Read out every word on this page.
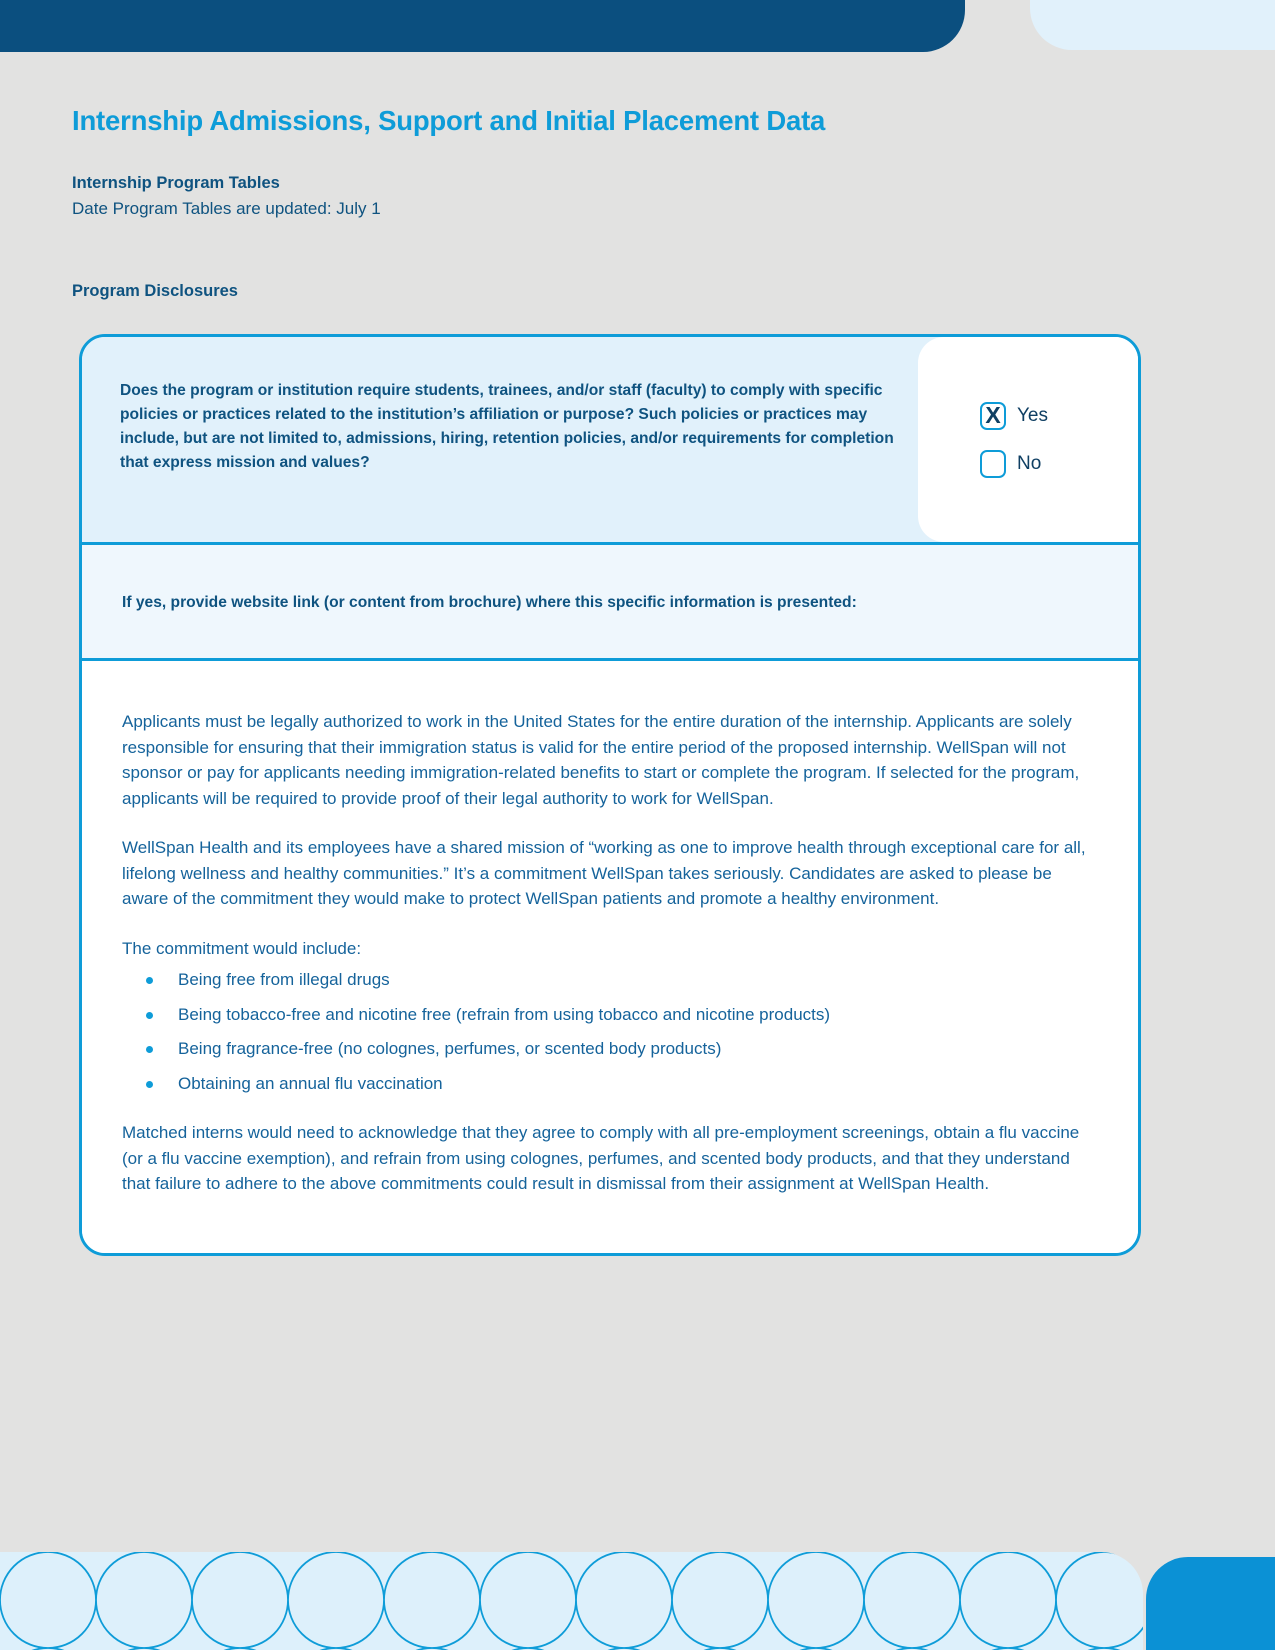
Internship Admissions, Support and Initial Placement Data
Internship Program Tables
Date Program Tables are updated: July 1
Program Disclosures
Does the program or institution require students, trainees, and/or staff (faculty) to comply with specific policies or practices related to the institution’s affiliation or purpose? Such policies or practices may include, but are not limited to, admissions, hiring, retention policies, and/or requirements for completion that express mission and values?
X Yes
No
If yes, provide website link (or content from brochure) where this specific information is presented:

Applicants must be legally authorized to work in the United States for the entire duration of the internship. Applicants are solely responsible for ensuring that their immigration status is valid for the entire period of the proposed internship. WellSpan will not sponsor or pay for applicants needing immigration-related benefits to start or complete the program. If selected for the program, applicants will be required to provide proof of their legal authority to work for WellSpan.

WellSpan Health and its employees have a shared mission of “working as one to improve health through exceptional care for all, lifelong wellness and healthy communities.” It’s a commitment WellSpan takes seriously. Candidates are asked to please be aware of the commitment they would make to protect WellSpan patients and promote a healthy environment.

The commitment would include:

Being free from illegal drugs
Being tobacco-free and nicotine free (refrain from using tobacco and nicotine products)
Being fragrance-free (no colognes, perfumes, or scented body products)
Obtaining an annual flu vaccination

Matched interns would need to acknowledge that they agree to comply with all pre-employment screenings, obtain a flu vaccine (or a flu vaccine exemption), and refrain from using colognes, perfumes, and scented body products, and that they understand that failure to adhere to the above commitments could result in dismissal from their assignment at WellSpan Health.
